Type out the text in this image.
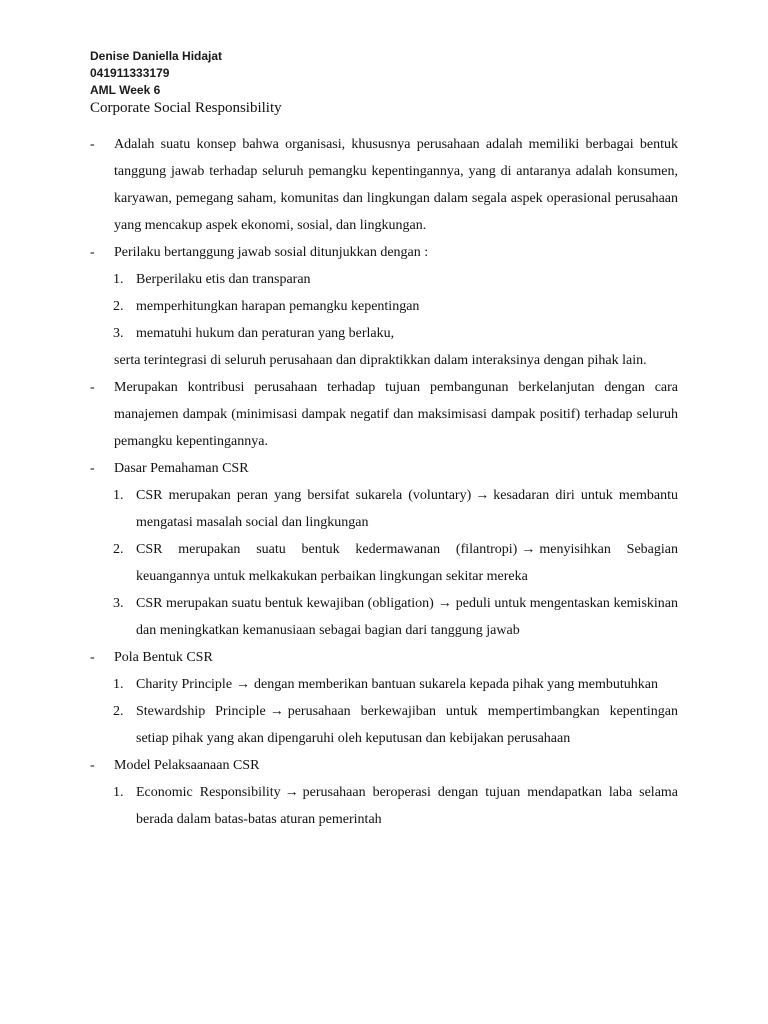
Denise Daniella Hidajat
041911333179
AML Week 6
Corporate Social Responsibility
- Adalah suatu konsep bahwa organisasi, khususnya perusahaan adalah memiliki berbagai bentuk tanggung jawab terhadap seluruh pemangku kepentingannya, yang di antaranya adalah konsumen, karyawan, pemegang saham, komunitas dan lingkungan dalam segala aspek operasional perusahaan yang mencakup aspek ekonomi, sosial, dan lingkungan.
- Perilaku bertanggung jawab sosial ditunjukkan dengan :
1. Berperilaku etis dan transparan
2. memperhitungkan harapan pemangku kepentingan
3. mematuhi hukum dan peraturan yang berlaku,
serta terintegrasi di seluruh perusahaan dan dipraktikkan dalam interaksinya dengan pihak lain.
- Merupakan kontribusi perusahaan terhadap tujuan pembangunan berkelanjutan dengan cara manajemen dampak (minimisasi dampak negatif dan maksimisasi dampak positif) terhadap seluruh pemangku kepentingannya.
- Dasar Pemahaman CSR
1. CSR merupakan peran yang bersifat sukarela (voluntary) → kesadaran diri untuk membantu mengatasi masalah social dan lingkungan
2. CSR merupakan suatu bentuk kedermawanan (filantropi) → menyisihkan Sebagian keuangannya untuk melkakukan perbaikan lingkungan sekitar mereka
3. CSR merupakan suatu bentuk kewajiban (obligation) → peduli untuk mengentaskan kemiskinan dan meningkatkan kemanusiaan sebagai bagian dari tanggung jawab
- Pola Bentuk CSR
1. Charity Principle → dengan memberikan bantuan sukarela kepada pihak yang membutuhkan
2. Stewardship Principle → perusahaan berkewajiban untuk mempertimbangkan kepentingan setiap pihak yang akan dipengaruhi oleh keputusan dan kebijakan perusahaan
- Model Pelaksaanaan CSR
1. Economic Responsibility → perusahaan beroperasi dengan tujuan mendapatkan laba selama berada dalam batas-batas aturan pemerintah
